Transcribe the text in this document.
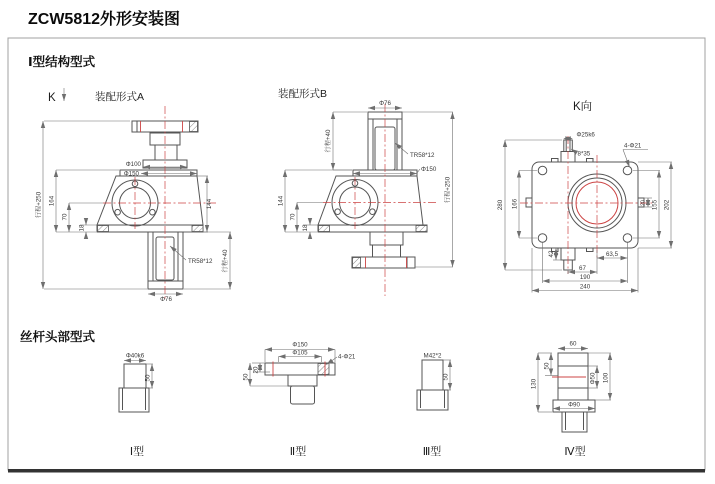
ZCW5812外形安装图
Ⅰ型结构型式
丝杆头部型式
装配形式A
K
行程+250 164
70
18
Φ100
Φ150
144
TR58*12 行程+40
Φ76
装配形式B
Φ76
行程+40
TR58*12
Φ150
144
70
18
行程+250
K向
Φ25k6
8*35
4-Φ21
280 166
42
20 155 202
63,5
67
190
240
Φ40k6
50
Ⅰ型
Φ150
Φ105
4-Φ21
20
50
Ⅱ型
M42*2
50
Ⅲ型
60
50
130	Φ50 100
Φ90
Ⅳ型
